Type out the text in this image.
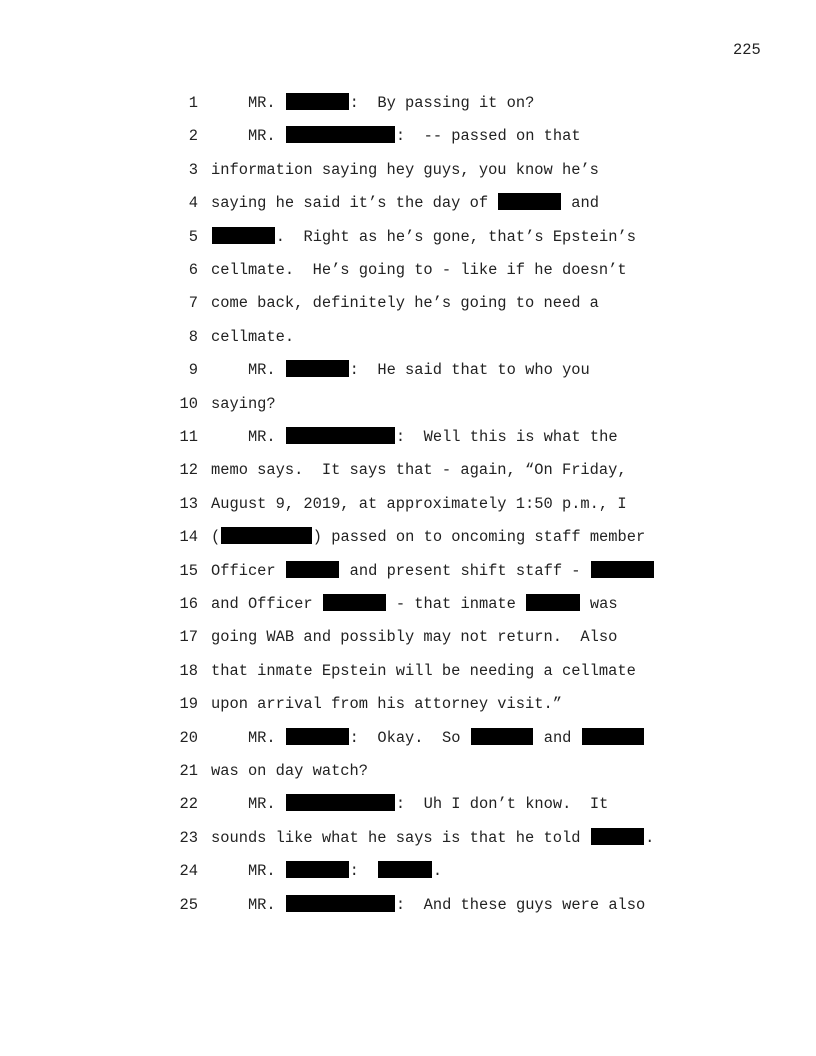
225
1 MR.	:  By passing it on?
2 MR.	:  -- passed on that
3 information saying hey guys, you know he’s
4 saying he said it’s the day of	and
5	.  Right as he’s gone, that’s Epstein’s
6 cellmate.  He’s going to - like if he doesn’t
7 come back, definitely he’s going to need a
8 cellmate.
9 MR.	:  He said that to who you
10 saying?
11 MR.	:  Well this is what the
12 memo says.  It says that - again, “On Friday,
13 August 9, 2019, at approximately 1:50 p.m., I
14 (	) passed on to oncoming staff member
15 Officer	and present shift staff -
16 and Officer	- that inmate	was
17 going WAB and possibly may not return.  Also
18 that inmate Epstein will be needing a cellmate
19 upon arrival from his attorney visit.”
20 MR.	:  Okay.  So	and
21 was on day watch?
22 MR.	:  Uh I don’t know.  It
23 sounds like what he says is that he told	.
24 MR.	:	.
25 MR.	:  And these guys were also
